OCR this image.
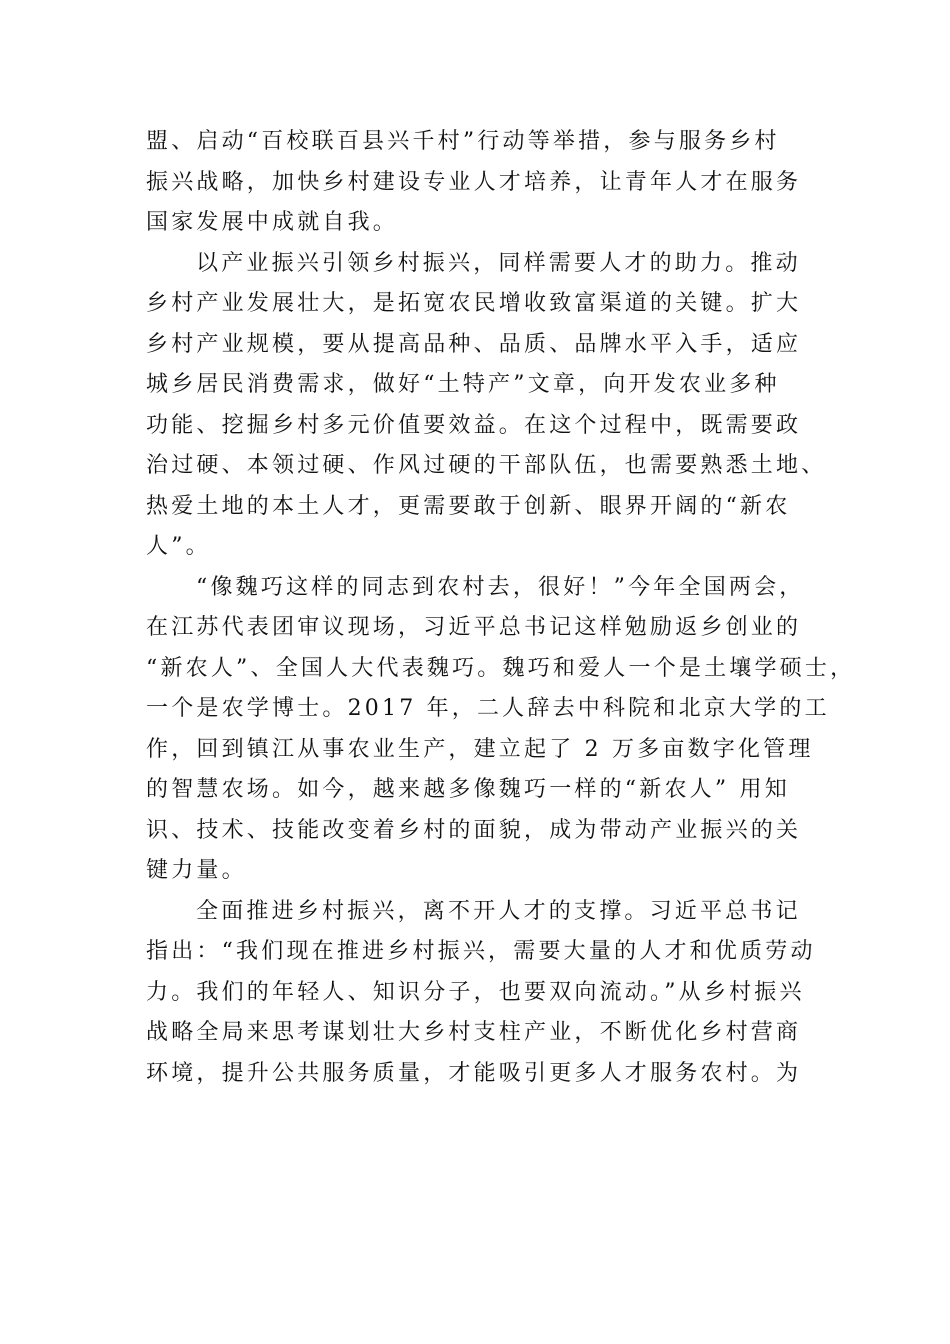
盟、启动“百校联百县兴千村”行动等举措，参与服务乡村
振兴战略，加快乡村建设专业人才培养，让青年人才在服务
国家发展中成就自我。
以产业振兴引领乡村振兴，同样需要人才的助力。推动
乡村产业发展壮大，是拓宽农民增收致富渠道的关键。扩大
乡村产业规模，要从提高品种、品质、品牌水平入手，适应
城乡居民消费需求，做好“土特产”文章，向开发农业多种
功能、挖掘乡村多元价值要效益。在这个过程中，既需要政
治过硬、本领过硬、作风过硬的干部队伍，也需要熟悉土地、
热爱土地的本土人才，更需要敢于创新、眼界开阔的“新农
人”。
“像魏巧这样的同志到农村去，很好！”今年全国两会，
在江苏代表团审议现场，习近平总书记这样勉励返乡创业的
“新农人”、全国人大代表魏巧。魏巧和爱人一个是土壤学硕士，
一个是农学博士。2017 年，二人辞去中科院和北京大学的工
作，回到镇江从事农业生产，建立起了 2 万多亩数字化管理
的智慧农场。如今，越来越多像魏巧一样的“新农人” 用知
识、技术、技能改变着乡村的面貌，成为带动产业振兴的关
键力量。
全面推进乡村振兴，离不开人才的支撑。习近平总书记
指出：“我们现在推进乡村振兴，需要大量的人才和优质劳动
力。我们的年轻人、知识分子，也要双向流动。”从乡村振兴
战略全局来思考谋划壮大乡村支柱产业，不断优化乡村营商
环境，提升公共服务质量，才能吸引更多人才服务农村。为
